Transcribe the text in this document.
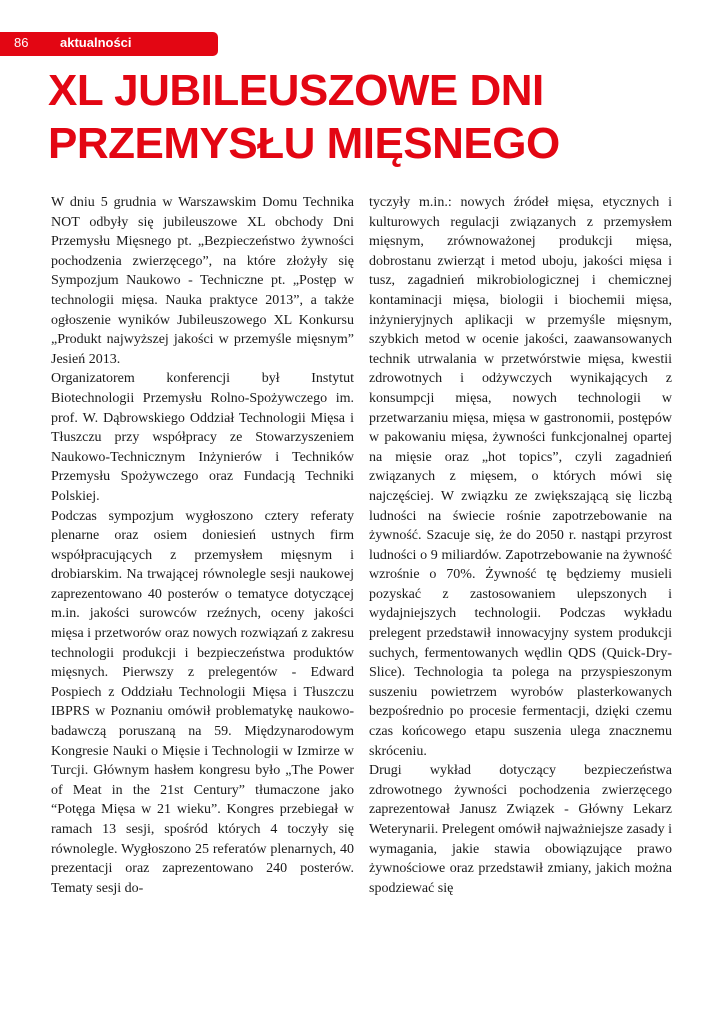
86 aktualności
XL JUBILEUSZOWE DNI
PRZEMYSŁU MIĘSNEGO

W dniu 5 grudnia w Warszawskim Domu Technika NOT odbyły się jubileuszowe XL obchody Dni Przemysłu Mięsnego pt. „Bezpieczeństwo żywności pochodzenia zwierzęcego”, na które złożyły się Sympozjum Naukowo - Techniczne pt. „Postęp w technologii mięsa. Nauka praktyce 2013”, a także ogłoszenie wyników Jubileuszowego XL Konkursu „Produkt najwyższej jakości w przemyśle mięsnym” Jesień 2013.

Organizatorem konferencji był Instytut Biotechnologii Przemysłu Rolno-Spożywczego im. prof. W. Dąbrowskiego Oddział Technologii Mięsa i Tłuszczu przy współpracy ze Stowarzyszeniem Naukowo-Technicznym Inżynierów i Techników Przemysłu Spożywczego oraz Fundacją Techniki Polskiej.

Podczas sympozjum wygłoszono cztery referaty plenarne oraz osiem doniesień ustnych firm współpracujących z przemysłem mięsnym i drobiarskim. Na trwającej równolegle sesji naukowej zaprezentowano 40 posterów o tematyce dotyczącej m.in. jakości surowców rzeźnych, oceny jakości mięsa i przetworów oraz nowych rozwiązań z zakresu technologii produkcji i bezpieczeństwa produktów mięsnych. Pierwszy z prelegentów - Edward Pospiech z Oddziału Technologii Mięsa i Tłuszczu IBPRS w Poznaniu omówił problematykę naukowo-badawczą poruszaną na 59. Międzynarodowym Kongresie Nauki o Mięsie i Technologii w Izmirze w Turcji. Głównym hasłem kongresu było „The Power of Meat in the 21st Century” tłumaczone jako “Potęga Mięsa w 21 wieku”. Kongres przebiegał w ramach 13 sesji, spośród których 4 toczyły się równolegle. Wygłoszono 25 referatów plenarnych, 40 prezentacji oraz zaprezentowano 240 posterów. Tematy sesji do-

tyczyły m.in.: nowych źródeł mięsa, etycznych i kulturowych regulacji związanych z przemysłem mięsnym, zrównoważonej produkcji mięsa, dobrostanu zwierząt i metod uboju, jakości mięsa i tusz, zagadnień mikrobiologicznej i chemicznej kontaminacji mięsa, biologii i biochemii mięsa, inżynieryjnych aplikacji w przemyśle mięsnym, szybkich metod w ocenie jakości, zaawansowanych technik utrwalania w przetwórstwie mięsa, kwestii zdrowotnych i odżywczych wynikających z konsumpcji mięsa, nowych technologii w przetwarzaniu mięsa, mięsa w gastronomii, postępów w pakowaniu mięsa, żywności funkcjonalnej opartej na mięsie oraz „hot topics”, czyli zagadnień związanych z mięsem, o których mówi się najczęściej. W związku ze zwiększającą się liczbą ludności na świecie rośnie zapotrzebowanie na żywność. Szacuje się, że do 2050 r. nastąpi przyrost ludności o 9 miliardów. Zapotrzebowanie na żywność wzrośnie o 70%. Żywność tę będziemy musieli pozyskać z zastosowaniem ulepszonych i wydajniejszych technologii. Podczas wykładu prelegent przedstawił innowacyjny system produkcji suchych, fermentowanych wędlin QDS (Quick-Dry-Slice). Technologia ta polega na przyspieszonym suszeniu powietrzem wyrobów plasterkowanych bezpośrednio po procesie fermentacji, dzięki czemu czas końcowego etapu suszenia ulega znacznemu skróceniu.

Drugi wykład dotyczący bezpieczeństwa zdrowotnego żywności pochodzenia zwierzęcego zaprezentował Janusz Związek - Główny Lekarz Weterynarii. Prelegent omówił najważniejsze zasady i wymagania, jakie stawia obowiązujące prawo żywnościowe oraz przedstawił zmiany, jakich można spodziewać się
